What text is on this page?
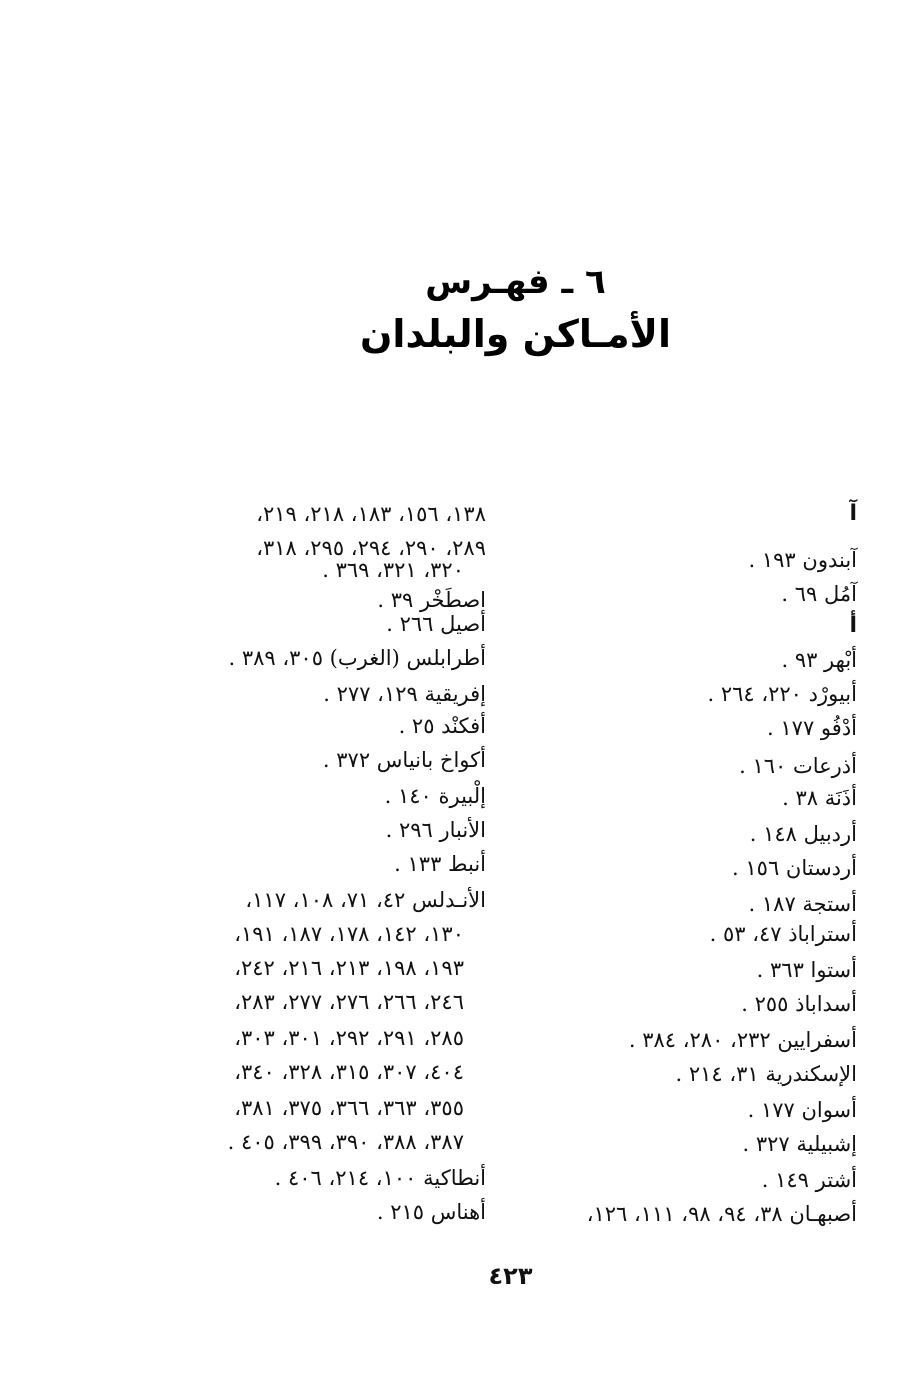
٦ ـ فهـرس
الأمـاكن والبلدان
آ
آبندون ١٩٣ .
آمُل ٦٩ .
أ
أبْهر ٩٣ .
أبيورْد ٢٢٠، ٢٦٤ .
أدْفُو ١٧٧ .
أذرعات ١٦٠ .
أذَنَة ٣٨ .
أردبيل ١٤٨ .
أردستان ١٥٦ .
أستجة ١٨٧ .
أستراباذ ٤٧، ٥٣ .
أستوا ٣٦٣ .
أسداباذ ٢٥٥ .
أسفرايين ٢٣٢، ٢٨٠، ٣٨٤ .
الإسكندرية ٣١، ٢١٤ .
أسوان ١٧٧ .
إشبيلية ٣٢٧ .
أشتر ١٤٩ .
أصبهـان ٣٨، ٩٤، ٩٨، ١١١، ١٢٦،
١٣٨، ١٥٦، ١٨٣، ٢١٨، ٢١٩،
٢٨٩، ٢٩٠، ٢٩٤، ٢٩٥، ٣١٨،
٣٢٠، ٣٢١، ٣٦٩ .
اصطَخْر ٣٩ .
أصيل ٢٦٦ .
أطرابلس (الغرب) ٣٠٥، ٣٨٩ .
إفريقية ١٢٩، ٢٧٧ .
أفكنْد ٢٥ .
أكواخ بانياس ٣٧٢ .
إلْبيرة ١٤٠ .
الأنبار ٢٩٦ .
أنبط ١٣٣ .
الأنـدلس ٤٢، ٧١، ١٠٨، ١١٧،
١٣٠، ١٤٢، ١٧٨، ١٨٧، ١٩١،
١٩٣، ١٩٨، ٢١٣، ٢١٦، ٢٤٢،
٢٤٦، ٢٦٦، ٢٧٦، ٢٧٧، ٢٨٣،
٢٨٥، ٢٩١، ٢٩٢، ٣٠١، ٣٠٣،
٤٠٤، ٣٠٧، ٣١٥، ٣٢٨، ٣٤٠،
٣٥٥، ٣٦٣، ٣٦٦، ٣٧٥، ٣٨١،
٣٨٧، ٣٨٨، ٣٩٠، ٣٩٩، ٤٠٥ .
أنطاكية ١٠٠، ٢١٤، ٤٠٦ .
أهناس ٢١٥ .
٤٢٣
